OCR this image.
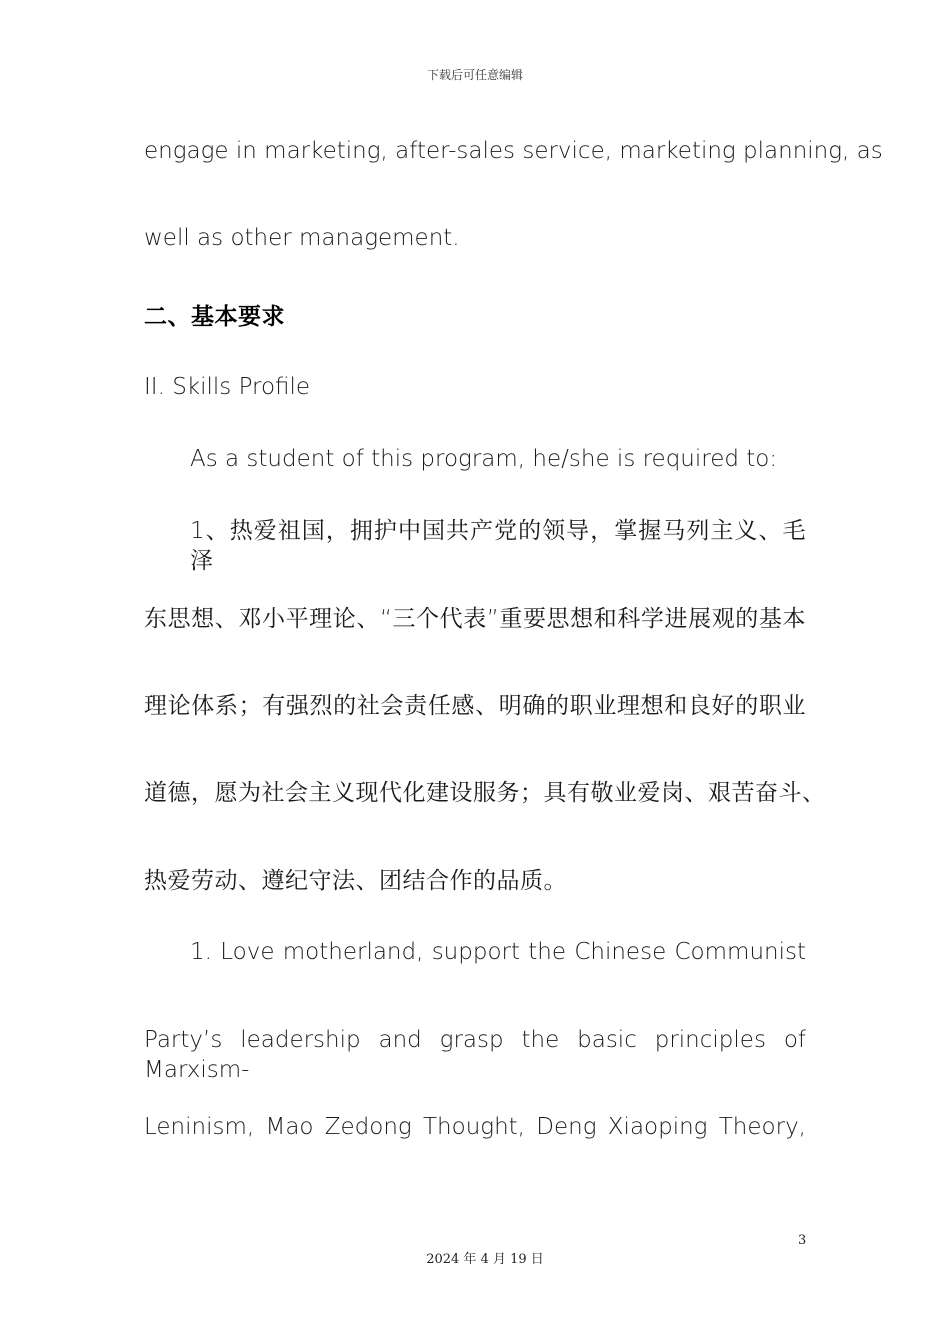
下载后可任意编辑
engage in marketing, after-sales service, marketing planning, as
well as other management.
二、基本要求
II. Skills Profile
As a student of this program, he/she is required to:
1、热爱祖国，拥护中国共产党的领导，掌握马列主义、毛泽
东思想、邓小平理论、“三个代表”重要思想和科学进展观的基本
理论体系；有强烈的社会责任感、明确的职业理想和良好的职业
道德，愿为社会主义现代化建设服务；具有敬业爱岗、艰苦奋斗、
热爱劳动、遵纪守法、团结合作的品质。
1. Love motherland, support the Chinese Communist
Party’s leadership and grasp the basic principles of Marxism-
Leninism, Mao Zedong Thought, Deng Xiaoping Theory,
3
2024 年 4 月 19 日
